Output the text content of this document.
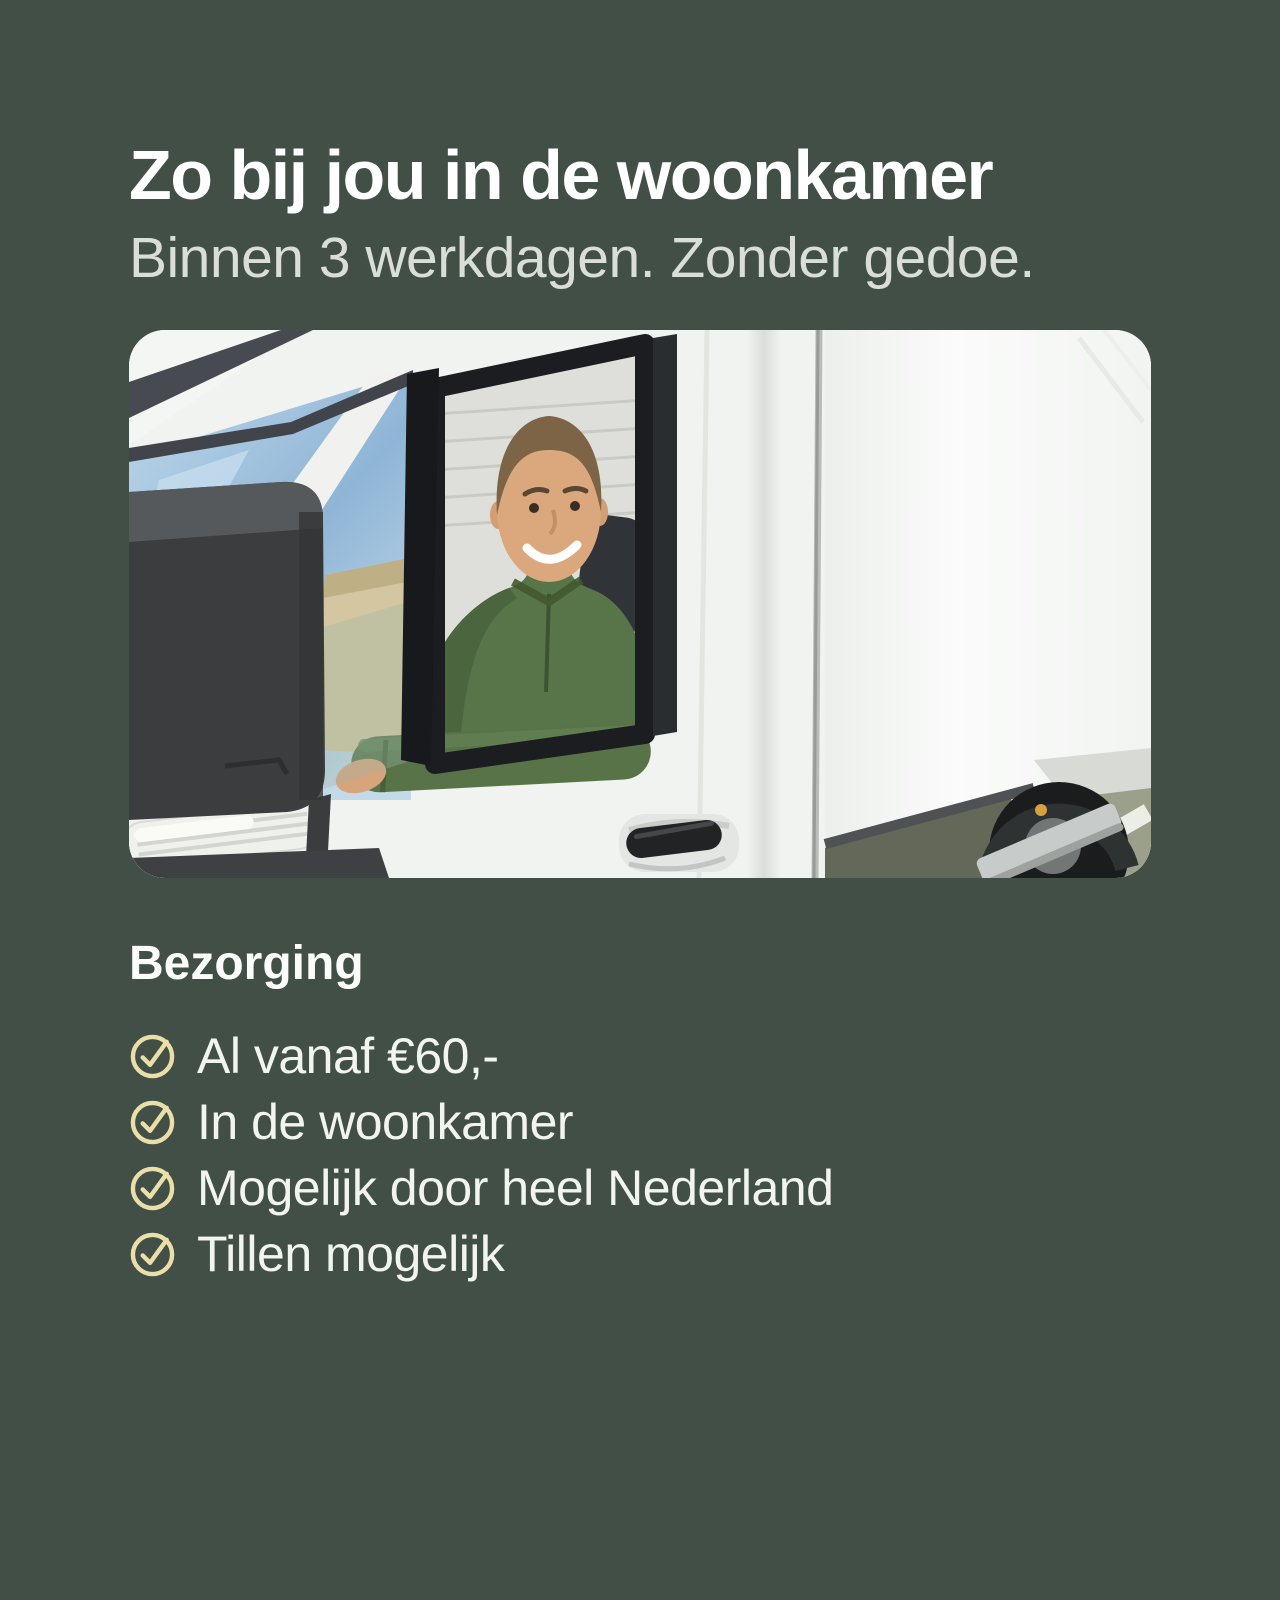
Zo bij jou in de woonkamer

Binnen 3 werkdagen. Zonder gedoe.

Bezorging
Al vanaf €60,-
In de woonkamer
Mogelijk door heel Nederland
Tillen mogelijk
